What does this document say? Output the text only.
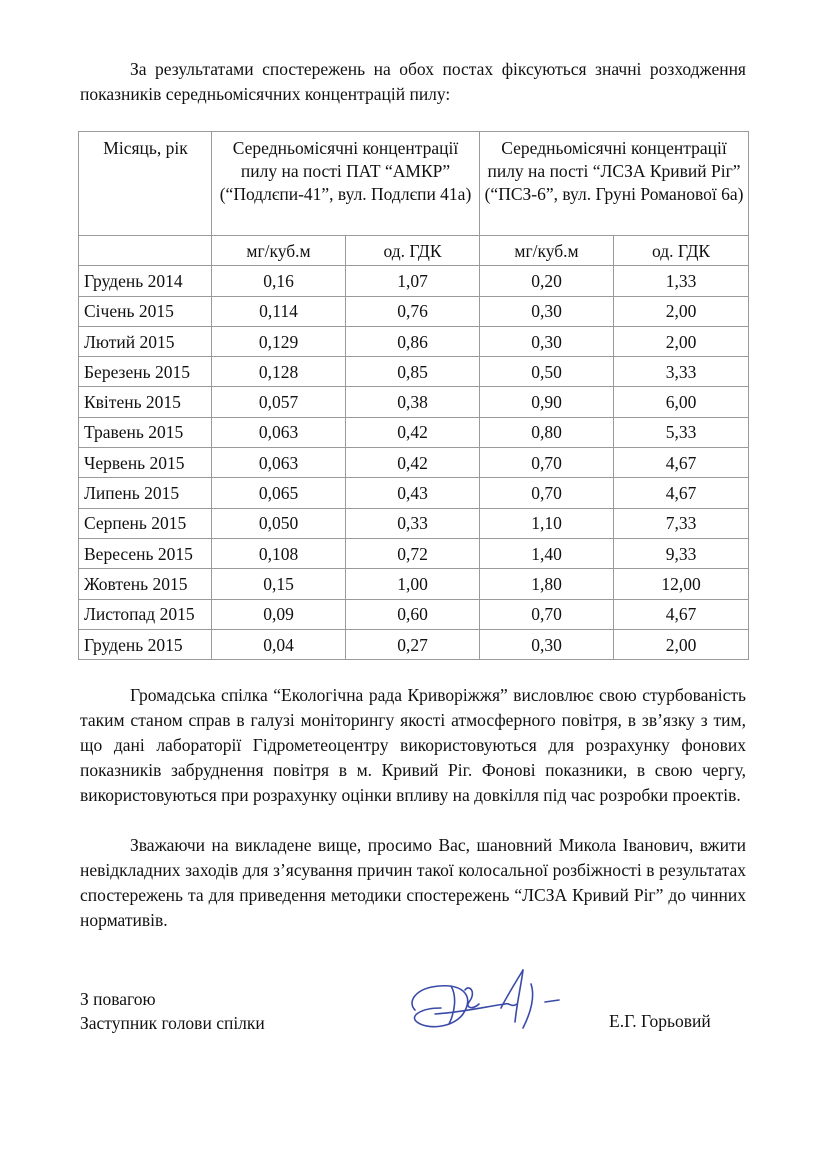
За результатами спостережень на обох постах фіксуються значні розходження показників середньомісячних концентрацій пилу:

Місяць, рік	Середньомісячні концентрації пилу на пості ПАТ “АМКР” (“Подлєпи-41”, вул. Подлєпи 41а)		Середньомісячні концентрації пилу на пості “ЛСЗА Кривий Ріг” (“ПСЗ-6”, вул. Груні Романової 6а)	
	мг/куб.м	од. ГДК	мг/куб.м	од. ГДК
Грудень 2014	0,16	1,07	0,20	1,33
Січень 2015	0,114	0,76	0,30	2,00
Лютий 2015	0,129	0,86	0,30	2,00
Березень 2015	0,128	0,85	0,50	3,33
Квітень 2015	0,057	0,38	0,90	6,00
Травень 2015	0,063	0,42	0,80	5,33
Червень 2015	0,063	0,42	0,70	4,67
Липень 2015	0,065	0,43	0,70	4,67
Серпень 2015	0,050	0,33	1,10	7,33
Вересень 2015	0,108	0,72	1,40	9,33
Жовтень 2015	0,15	1,00	1,80	12,00
Листопад 2015	0,09	0,60	0,70	4,67
Грудень 2015	0,04	0,27	0,30	2,00

Громадська спілка “Екологічна рада Криворіжжя” висловлює свою стурбованість таким станом справ в галузі моніторингу якості атмосферного повітря, в зв’язку з тим, що дані лабораторії Гідрометеоцентру використовуються для розрахунку фонових показників забруднення повітря в м. Кривий Ріг. Фонові показники, в свою чергу, використовуються при розрахунку оцінки впливу на довкілля під час розробки проектів.

Зважаючи на викладене вище, просимо Вас, шановний Микола Іванович, вжити невідкладних заходів для з’ясування причин такої колосальної розбіжності в результатах спостережень та для приведення методики спостережень “ЛСЗА Кривий Ріг” до чинних нормативів.

З повагою
Заступник голови спілки	Е.Г. Горьовий
